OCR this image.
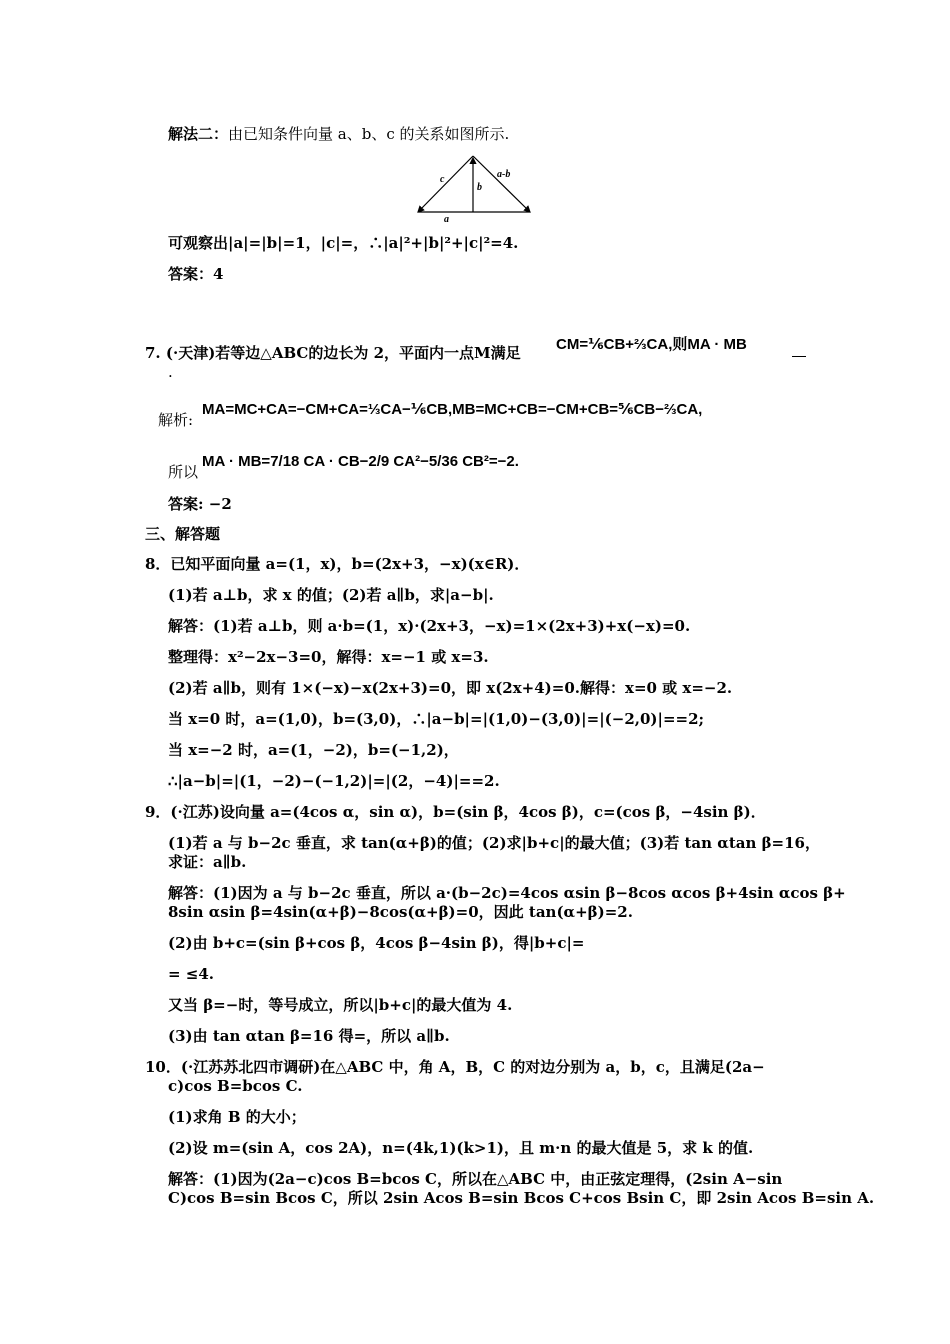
解法二：由已知条件向量 a、b、c 的关系如图所示.
c
b
a-b
a
可观察出|a|=|b|=1，|c|=，∴|a|²+|b|²+|c|²=4.
答案：4
7. (·天津)若等边△ABC的边长为 2，平面内一点M满足 CM=⅙CB+⅔CA,则MA · MB
.
解析:
MA=MC+CA=−CM+CA=⅓CA−⅙CB,MB=MC+CB=−CM+CB=⅚CB−⅔CA,
所以
MA · MB=7/18 CA · CB−2/9 CA²−5/36 CB²=−2.
答案: −2
三、解答题
8．已知平面向量 a=(1，x)，b=(2x+3，−x)(x∈R)．
(1)若 a⊥b，求 x 的值；(2)若 a∥b，求|a−b|.
解答：(1)若 a⊥b，则 a·b=(1，x)·(2x+3，−x)=1×(2x+3)+x(−x)=0.
整理得：x²−2x−3=0，解得：x=−1 或 x=3.
(2)若 a∥b，则有 1×(−x)−x(2x+3)=0，即 x(2x+4)=0.解得：x=0 或 x=−2.
当 x=0 时，a=(1,0)，b=(3,0)，∴|a−b|=|(1,0)−(3,0)|=|(−2,0)|==2;
当 x=−2 时，a=(1，−2)，b=(−1,2)，
∴|a−b|=|(1，−2)−(−1,2)|=|(2，−4)|==2.
9．(·江苏)设向量 a=(4cos α，sin α)，b=(sin β，4cos β)，c=(cos β，−4sin β)．
(1)若 a 与 b−2c 垂直，求 tan(α+β)的值；(2)求|b+c|的最大值；(3)若 tan αtan β=16，
求证：a∥b.
解答：(1)因为 a 与 b−2c 垂直，所以 a·(b−2c)=4cos αsin β−8cos αcos β+4sin αcos β+
8sin αsin β=4sin(α+β)−8cos(α+β)=0，因此 tan(α+β)=2.
(2)由 b+c=(sin β+cos β，4cos β−4sin β)，得|b+c|=
= ≤4.
又当 β=−时，等号成立，所以|b+c|的最大值为 4.
(3)由 tan αtan β=16 得=，所以 a∥b.
10．(·江苏苏北四市调研)在△ABC 中，角 A，B，C 的对边分别为 a，b，c，且满足(2a−
c)cos B=bcos C.
(1)求角 B 的大小；
(2)设 m=(sin A，cos 2A)，n=(4k,1)(k>1)，且 m·n 的最大值是 5，求 k 的值.
解答：(1)因为(2a−c)cos B=bcos C，所以在△ABC 中，由正弦定理得，(2sin A−sin
C)cos B=sin Bcos C，所以 2sin Acos B=sin Bcos C+cos Bsin C，即 2sin Acos B=sin A.
